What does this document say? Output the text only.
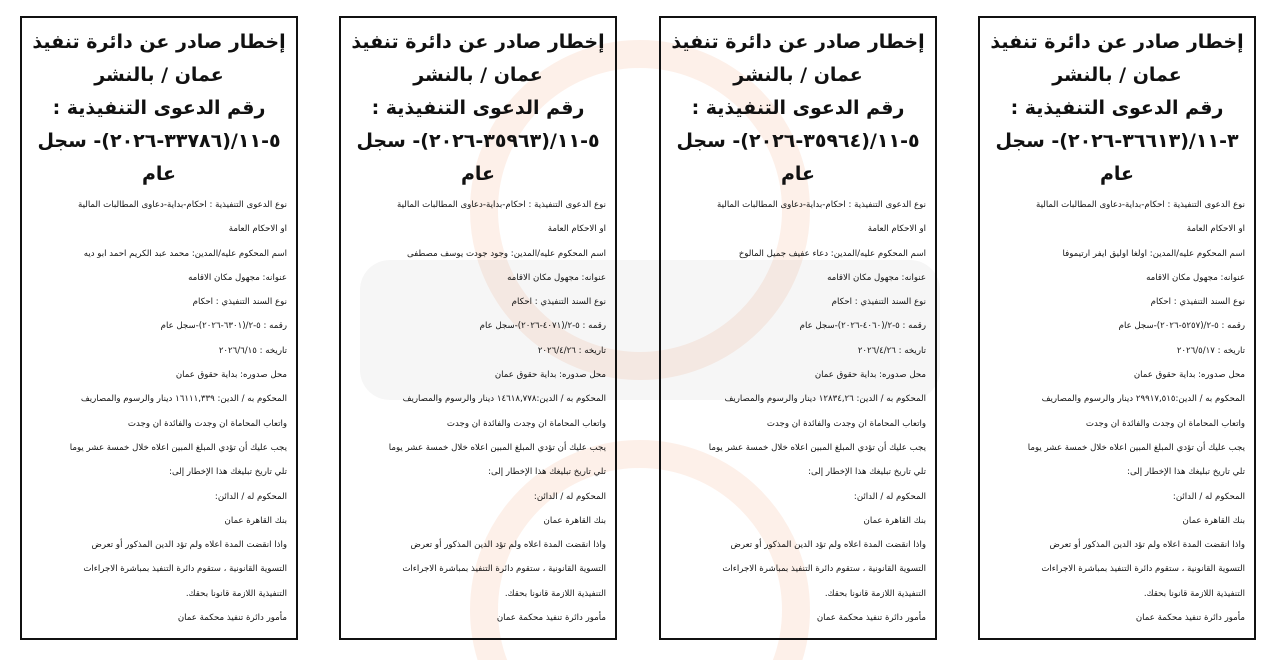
إخطار صادر عن دائرة تنفيذ
عمان / بالنشر
رقم الدعوى التنفيذية :
٣-١١/(٣٦٦١٣-٢٠٢٦)- سجل
عام
نوع الدعوى التنفيذية : احكام-بداية-دعاوى المطالبات المالية
او الاحكام العامة
اسم المحكوم عليه/المدين: اولغا اوليق ايفر ارتيموفا
عنوانه: مجهول مكان الاقامه
نوع السند التنفيذي : احكام
رقمه : ٥-٢/(٥٢٥٧-٢٠٢٦)-سجل عام
تاريخه : ٢٠٢٦/٥/١٧
محل صدوره: بداية حقوق عمان
المحكوم به / الدين:٢٩٩١٧,٥١٥ دينار والرسوم والمصاريف
واتعاب المحاماة ان وجدت والفائدة ان وجدت
يجب عليك أن تؤدي المبلغ المبين اعلاه خلال خمسة عشر يوما
تلي تاريخ تبليغك هذا الإخطار إلى:
المحكوم له / الدائن:
بنك القاهرة عمان
واذا انقضت المدة اعلاه ولم تؤد الدين المذكور أو تعرض
التسوية القانونية ، ستقوم دائرة التنفيذ بمباشرة الاجراءات
التنفيذية اللازمة قانونا بحقك.
مأمور دائرة تنفيذ محكمة عمان
إخطار صادر عن دائرة تنفيذ
عمان / بالنشر
رقم الدعوى التنفيذية :
٥-١١/(٣٥٩٦٤-٢٠٢٦)- سجل
عام
نوع الدعوى التنفيذية : احكام-بداية-دعاوى المطالبات المالية
او الاحكام العامة
اسم المحكوم عليه/المدين: دعاء عفيف جميل المالوخ
عنوانه: مجهول مكان الاقامه
نوع السند التنفيذي : احكام
رقمه : ٥-٢/(٤٠٦٠-٢٠٢٦)-سجل عام
تاريخه : ٢٠٢٦/٤/٢٦
محل صدوره: بداية حقوق عمان
المحكوم به / الدين: ١٢٨٣٤,٢٦ دينار والرسوم والمصاريف
واتعاب المحاماة ان وجدت والفائدة ان وجدت
يجب عليك أن تؤدي المبلغ المبين اعلاه خلال خمسة عشر يوما
تلي تاريخ تبليغك هذا الإخطار إلى:
المحكوم له / الدائن:
بنك القاهرة عمان
واذا انقضت المدة اعلاه ولم تؤد الدين المذكور أو تعرض
التسوية القانونية ، ستقوم دائرة التنفيذ بمباشرة الاجراءات
التنفيذية اللازمة قانونا بحقك.
مأمور دائرة تنفيذ محكمة عمان
إخطار صادر عن دائرة تنفيذ
عمان / بالنشر
رقم الدعوى التنفيذية :
٥-١١/(٣٥٩٦٣-٢٠٢٦)- سجل
عام
نوع الدعوى التنفيذية : احكام-بداية-دعاوى المطالبات المالية
او الاحكام العامة
اسم المحكوم عليه/المدين: وجود جودت يوسف مصطفى
عنوانه: مجهول مكان الاقامه
نوع السند التنفيذي : احكام
رقمه : ٥-٢/(٤٠٧١-٢٠٢٦)-سجل عام
تاريخه : ٢٠٢٦/٤/٢٦
محل صدوره: بداية حقوق عمان
المحكوم به / الدين:١٤٦١٨,٧٧٨ دينار والرسوم والمصاريف
واتعاب المحاماة ان وجدت والفائدة ان وجدت
يجب عليك أن تؤدي المبلغ المبين اعلاه خلال خمسة عشر يوما
تلي تاريخ تبليغك هذا الإخطار إلى:
المحكوم له / الدائن:
بنك القاهرة عمان
واذا انقضت المدة اعلاه ولم تؤد الدين المذكور أو تعرض
التسوية القانونية ، ستقوم دائرة التنفيذ بمباشرة الاجراءات
التنفيذية اللازمة قانونا بحقك.
مأمور دائرة تنفيذ محكمة عمان
إخطار صادر عن دائرة تنفيذ
عمان / بالنشر
رقم الدعوى التنفيذية :
٥-١١/(٣٣٧٨٦-٢٠٢٦)- سجل
عام
نوع الدعوى التنفيذية : احكام-بداية-دعاوى المطالبات المالية
او الاحكام العامة
اسم المحكوم عليه/المدين: محمد عبد الكريم احمد ابو ديه
عنوانه: مجهول مكان الاقامه
نوع السند التنفيذي : احكام
رقمه : ٥-٢/(٦٣٠١-٢٠٢٦)-سجل عام
تاريخه : ٢٠٢٦/٦/١٥
محل صدوره: بداية حقوق عمان
المحكوم به / الدين: ١٦١١١,٣٣٩ دينار والرسوم والمصاريف
واتعاب المحاماة ان وجدت والفائدة ان وجدت
يجب عليك أن تؤدي المبلغ المبين اعلاه خلال خمسة عشر يوما
تلي تاريخ تبليغك هذا الإخطار إلى:
المحكوم له / الدائن:
بنك القاهرة عمان
واذا انقضت المدة اعلاه ولم تؤد الدين المذكور أو تعرض
التسوية القانونية ، ستقوم دائرة التنفيذ بمباشرة الاجراءات
التنفيذية اللازمة قانونا بحقك.
مأمور دائرة تنفيذ محكمة عمان
